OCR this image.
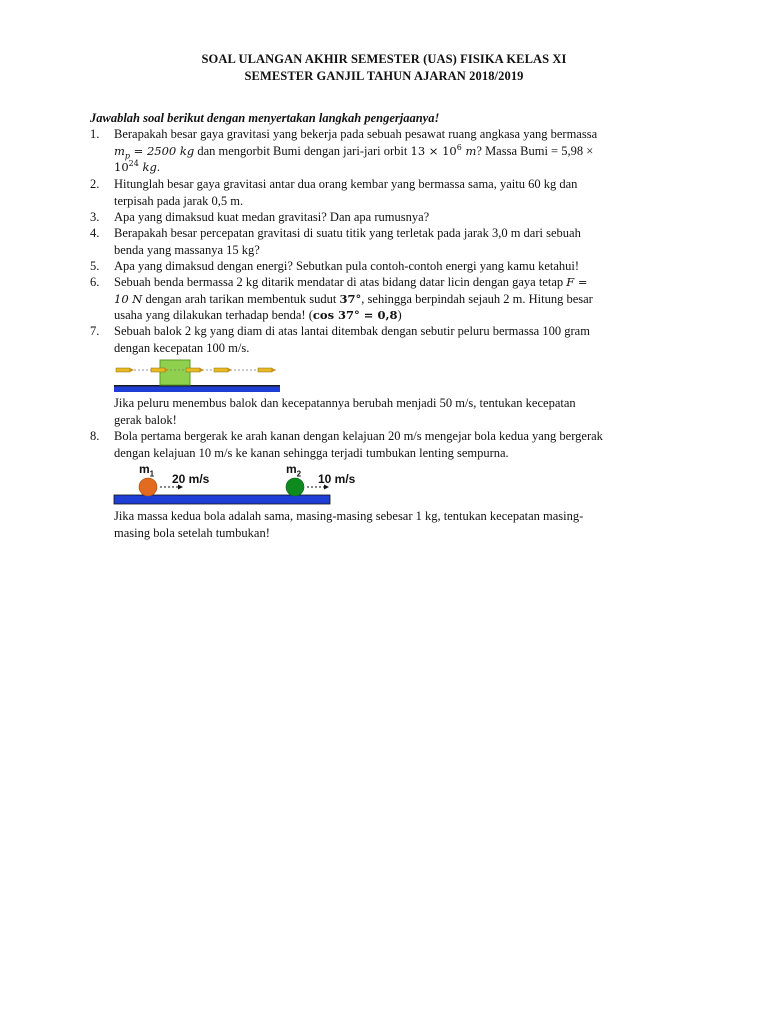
SOAL ULANGAN AKHIR SEMESTER (UAS) FISIKA KELAS XI
SEMESTER GANJIL TAHUN AJARAN 2018/2019
Jawablah soal berikut dengan menyertakan langkah pengerjaanya!
1. Berapakah besar gaya gravitasi yang bekerja pada sebuah pesawat ruang angkasa yang bermassa
$m_p = 2500$ kg dan mengorbit Bumi dengan jari-jari orbit $13 \times 10^6$ m? Massa Bumi = 5,98 ×
$10^{24}$ kg.
2. Hitunglah besar gaya gravitasi antar dua orang kembar yang bermassa sama, yaitu 60 kg dan
terpisah pada jarak 0,5 m.
3. Apa yang dimaksud kuat medan gravitasi? Dan apa rumusnya?
4. Berapakah besar percepatan gravitasi di suatu titik yang terletak pada jarak 3,0 m dari sebuah
benda yang massanya 15 kg?
5. Apa yang dimaksud dengan energi? Sebutkan pula contoh-contoh energi yang kamu ketahui!
6. Sebuah benda bermassa 2 kg ditarik mendatar di atas bidang datar licin dengan gaya tetap F =
10 N dengan arah tarikan membentuk sudut 37°, sehingga berpindah sejauh 2 m. Hitung besar
usaha yang dilakukan terhadap benda! (cos 37° = 0,8)
7. Sebuah balok 2 kg yang diam di atas lantai ditembak dengan sebutir peluru bermassa 100 gram
dengan kecepatan 100 m/s.
Jika peluru menembus balok dan kecepatannya berubah menjadi 50 m/s, tentukan kecepatan
gerak balok!
8. Bola pertama bergerak ke arah kanan dengan kelajuan 20 m/s mengejar bola kedua yang bergerak
dengan kelajuan 10 m/s ke kanan sehingga terjadi tumbukan lenting sempurna.
$m_1$ 20 m/s
$m_2$ 10 m/s
Jika massa kedua bola adalah sama, masing-masing sebesar 1 kg, tentukan kecepatan masing-
masing bola setelah tumbukan!
